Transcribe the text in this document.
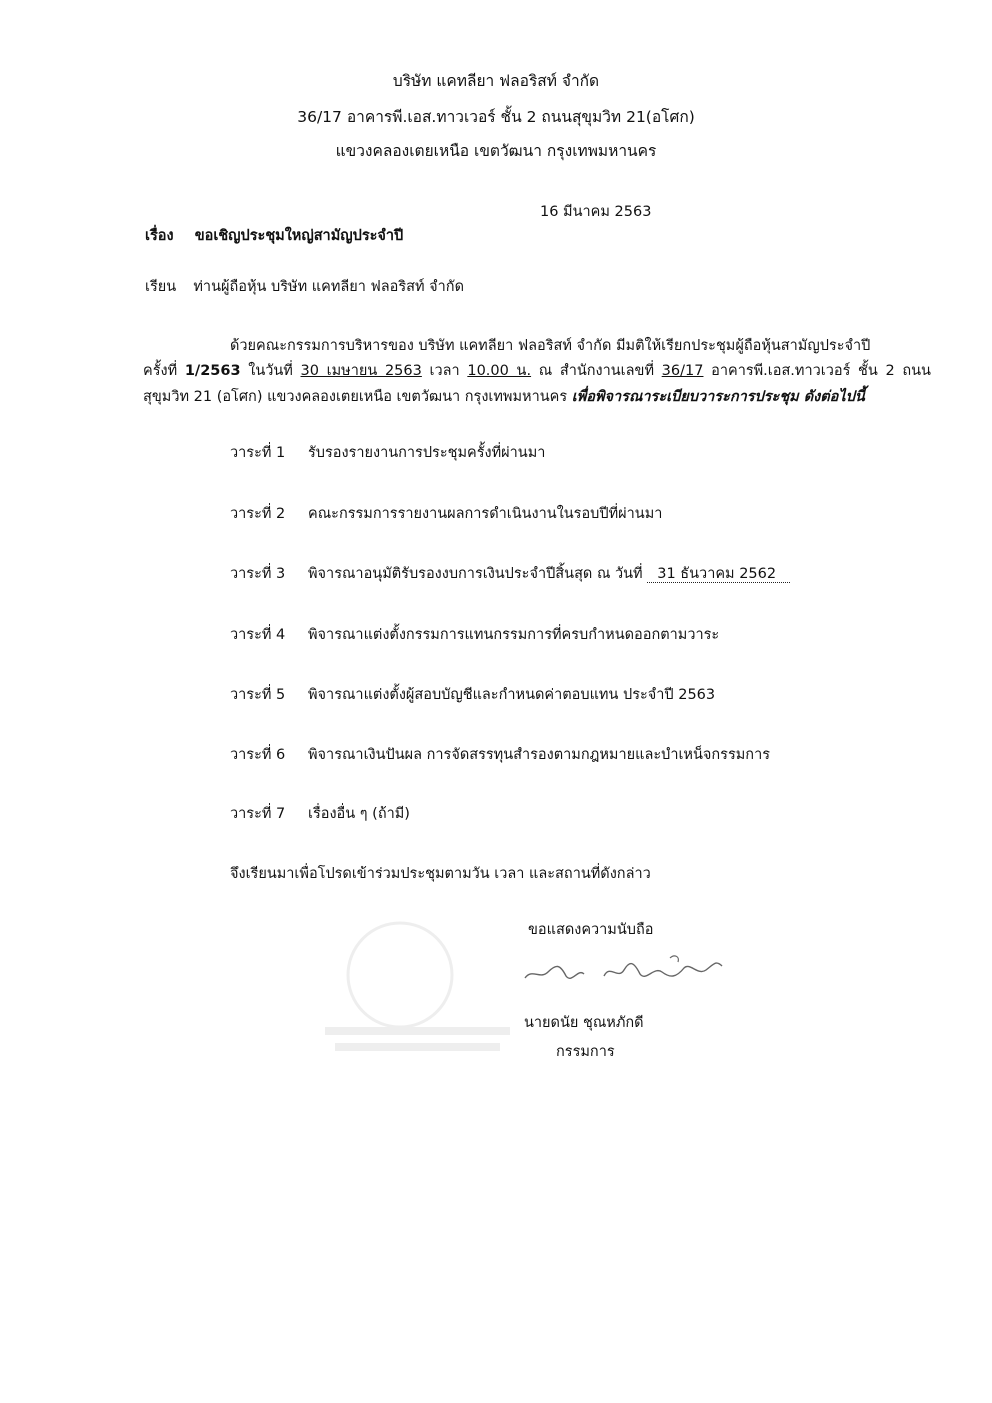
บริษัท แคทลียา ฟลอริสท์ จำกัด
36/17 อาคารพี.เอส.ทาวเวอร์ ชั้น 2 ถนนสุขุมวิท 21(อโศก)
แขวงคลองเตยเหนือ เขตวัฒนา กรุงเทพมหานคร
16 มีนาคม 2563
เรื่อง ขอเชิญประชุมใหญ่สามัญประจำปี
เรียน ท่านผู้ถือหุ้น บริษัท แคทลียา ฟลอริสท์ จำกัด
ด้วยคณะกรรมการบริหารของ บริษัท แคทลียา ฟลอริสท์ จำกัด มีมติให้เรียกประชุมผู้ถือหุ้นสามัญประจำปี
ครั้งที่ 1/2563 ในวันที่ 30 เมษายน 2563 เวลา 10.00 น. ณ สำนักงานเลขที่ 36/17 อาคารพี.เอส.ทาวเวอร์ ชั้น 2 ถนน
สุขุมวิท 21 (อโศก) แขวงคลองเตยเหนือ เขตวัฒนา กรุงเทพมหานคร เพื่อพิจารณาระเบียบวาระการประชุม ดังต่อไปนี้
วาระที่ 1 รับรองรายงานการประชุมครั้งที่ผ่านมา
วาระที่ 2 คณะกรรมการรายงานผลการดำเนินงานในรอบปีที่ผ่านมา
วาระที่ 3 พิจารณาอนุมัติรับรองงบการเงินประจำปีสิ้นสุด ณ วันที่ 31 ธันวาคม 2562
วาระที่ 4 พิจารณาแต่งตั้งกรรมการแทนกรรมการที่ครบกำหนดออกตามวาระ
วาระที่ 5 พิจารณาแต่งตั้งผู้สอบบัญชีและกำหนดค่าตอบแทน ประจำปี 2563
วาระที่ 6 พิจารณาเงินปันผล การจัดสรรทุนสำรองตามกฎหมายและบำเหน็จกรรมการ
วาระที่ 7 เรื่องอื่น ๆ (ถ้ามี)
จึงเรียนมาเพื่อโปรดเข้าร่วมประชุมตามวัน เวลา และสถานที่ดังกล่าว
ขอแสดงความนับถือ
นายดนัย ชุณหภักดี
กรรมการ
